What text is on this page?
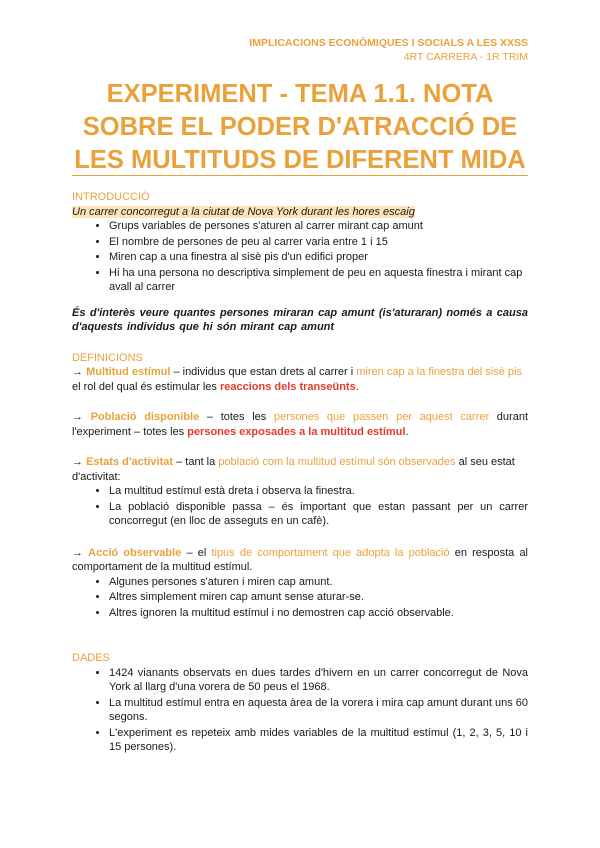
IMPLICACIONS ECONÒMIQUES I SOCIALS A LES XXSS
4RT CARRERA - 1R TRIM
EXPERIMENT - TEMA 1.1. NOTA
SOBRE EL PODER D'ATRACCIÓ DE
LES MULTITUDS DE DIFERENT MIDA

INTRODUCCIÓ

Un carrer concorregut a la ciutat de Nova York durant les hores escaig

• Grups variables de persones s'aturen al carrer mirant cap amunt
• El nombre de persones de peu al carrer varia entre 1 i 15
• Miren cap a una finestra al sisè pis d'un edifici proper
• Hi ha una persona no descriptiva simplement de peu en aquesta finestra i mirant cap avall al carrer

És d'interès veure quantes persones miraran cap amunt (is'aturaran) només a causa d'aquests individus que hi són mirant cap amunt

DEFINICIONS

→ Multitud estímul – individus que estan drets al carrer i miren cap a la finestra del sisè pis el rol del qual és estimular les reaccions dels transeünts.

→ Població disponible – totes les persones que passen per aquest carrer durant l'experiment – totes les persones exposades a la multitud estímul.

→ Estats d'activitat – tant la població com la multitud estímul són observades al seu estat d'activitat:

• La multitud estímul està dreta i observa la finestra.
• La població disponible passa – és important que estan passant per un carrer concorregut (en lloc de asseguts en un cafè).

→ Acció observable – el tipus de comportament que adopta la població en resposta al comportament de la multitud estímul.

• Algunes persones s'aturen i miren cap amunt.
• Altres simplement miren cap amunt sense aturar-se.
• Altres ignoren la multitud estímul i no demostren cap acció observable.

DADES

• 1424 vianants observats en dues tardes d'hivern en un carrer concorregut de Nova York al llarg d'una vorera de 50 peus el 1968.
• La multitud estímul entra en aquesta àrea de la vorera i mira cap amunt durant uns 60 segons.
• L'experiment es repeteix amb mides variables de la multitud estímul (1, 2, 3, 5, 10 i 15 persones).
